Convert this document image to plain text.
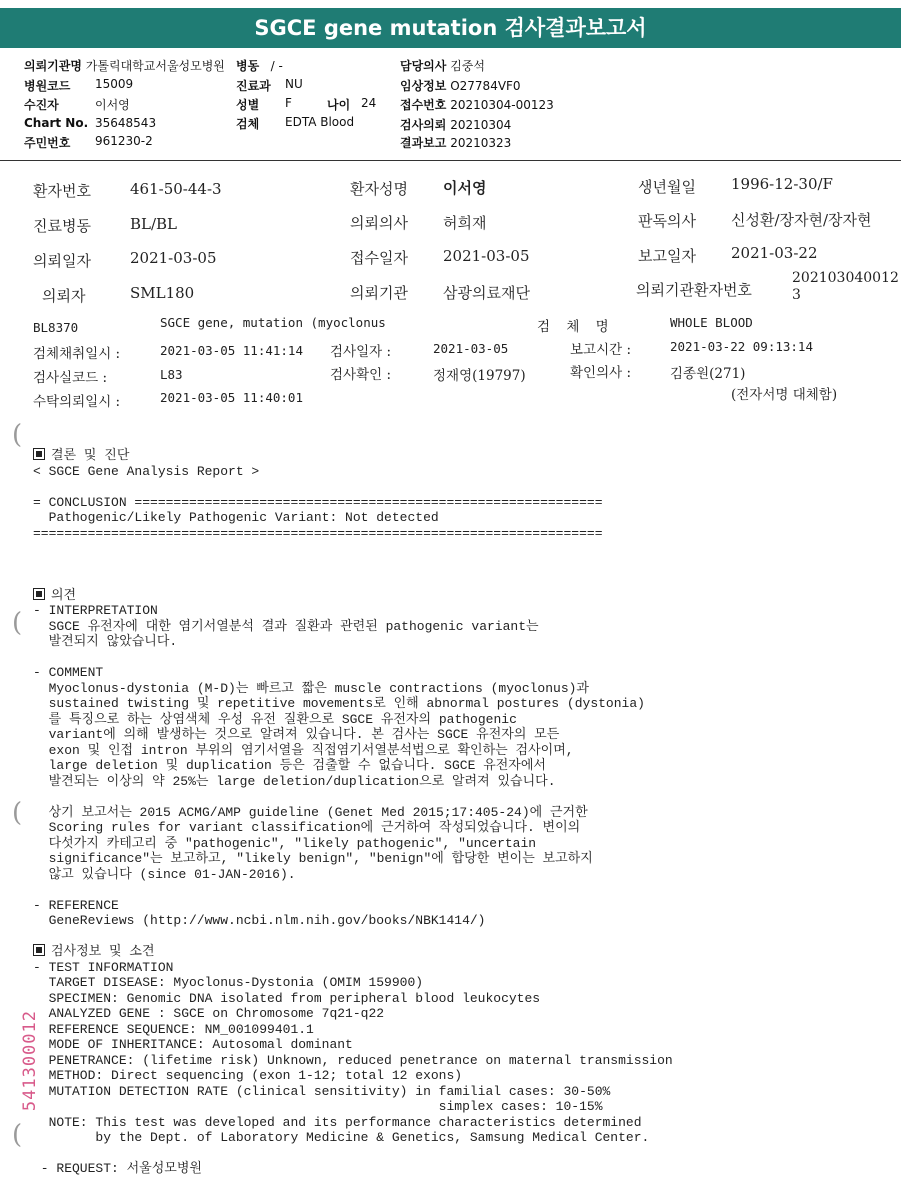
SGCE gene mutation 검사결과보고서
의뢰기관명 가톨릭대학교서울성모병원 병동 / -	담당의사 김중석
병원코드 15009	진료과 NU	임상정보 O27784VF0
수진자	이서영	성별 F	나이 24 접수번호 20210304-00123
Chart No. 35648543	검체 EDTA Blood	검사의뢰 20210304
주민번호 961230-2	결과보고 20210323
환자번호	461-50-44-3	환자성명 이서영	생년월일 1996-12-30/F
진료병동	BL/BL	의뢰의사 허희재	판독의사 신성환/장자현/장자현
의뢰일자	2021-03-05	접수일자 2021-03-05	보고일자 2021-03-22
의뢰자	SML180	의뢰기관 삼광의료재단	의뢰기관환자번호
202103040012
3
BL8370	SGCE gene, mutation (myoclonus	검 체 명	WHOLE BLOOD
검체채취일시 :	2021-03-05 11:41:14 검사일자 :	2021-03-05	보고시간 :	2021-03-22 09:13:14
검사실코드 :	L83	검사확인 :	정재영(19797)	확인의사 :	김종원(271)
수탁의뢰일시 :	2021-03-05 11:40:01	(전자서명 대체함)
(
(
(
(
결론 및 진단
< SGCE Gene Analysis Report >

= CONCLUSION ============================================================
Pathogenic/Likely Pathogenic Variant: Not detected
=========================================================================

의견
- INTERPRETATION
SGCE 유전자에 대한 염기서열분석 결과 질환과 관련된 pathogenic variant는
발견되지 않았습니다.

- COMMENT
Myoclonus-dystonia (M-D)는 빠르고 짧은 muscle contractions (myoclonus)과
sustained twisting 및 repetitive movements로 인해 abnormal postures (dystonia)
를 특징으로 하는 상염색체 우성 유전 질환으로 SGCE 유전자의 pathogenic
variant에 의해 발생하는 것으로 알려져 있습니다. 본 검사는 SGCE 유전자의 모든
exon 및 인접 intron 부위의 염기서열을 직접염기서열분석법으로 확인하는 검사이며,
large deletion 및 duplication 등은 검출할 수 없습니다. SGCE 유전자에서
발견되는 이상의 약 25%는 large deletion/duplication으로 알려져 있습니다.

상기 보고서는 2015 ACMG/AMP guideline (Genet Med 2015;17:405-24)에 근거한
Scoring rules for variant classification에 근거하여 작성되었습니다. 변이의
다섯가지 카테고리 중 "pathogenic", "likely pathogenic", "uncertain
significance"는 보고하고, "likely benign", "benign"에 합당한 변이는 보고하지
않고 있습니다 (since 01-JAN-2016).

- REFERENCE
GeneReviews (http://www.ncbi.nlm.nih.gov/books/NBK1414/)

검사정보 및 소견
- TEST INFORMATION
TARGET DISEASE: Myoclonus-Dystonia (OMIM 159900)
SPECIMEN: Genomic DNA isolated from peripheral blood leukocytes
ANALYZED GENE : SGCE on Chromosome 7q21-q22
REFERENCE SEQUENCE: NM_001099401.1
MODE OF INHERITANCE: Autosomal dominant
PENETRANCE: (lifetime risk) Unknown, reduced penetrance on maternal transmission
METHOD: Direct sequencing (exon 1-12; total 12 exons)
MUTATION DETECTION RATE (clinical sensitivity) in familial cases: 30-50%
simplex cases: 10-15%
NOTE: This test was developed and its performance characteristics determined
by the Dept. of Laboratory Medicine & Genetics, Samsung Medical Center.

- REQUEST: 서울성모병원
541300012
